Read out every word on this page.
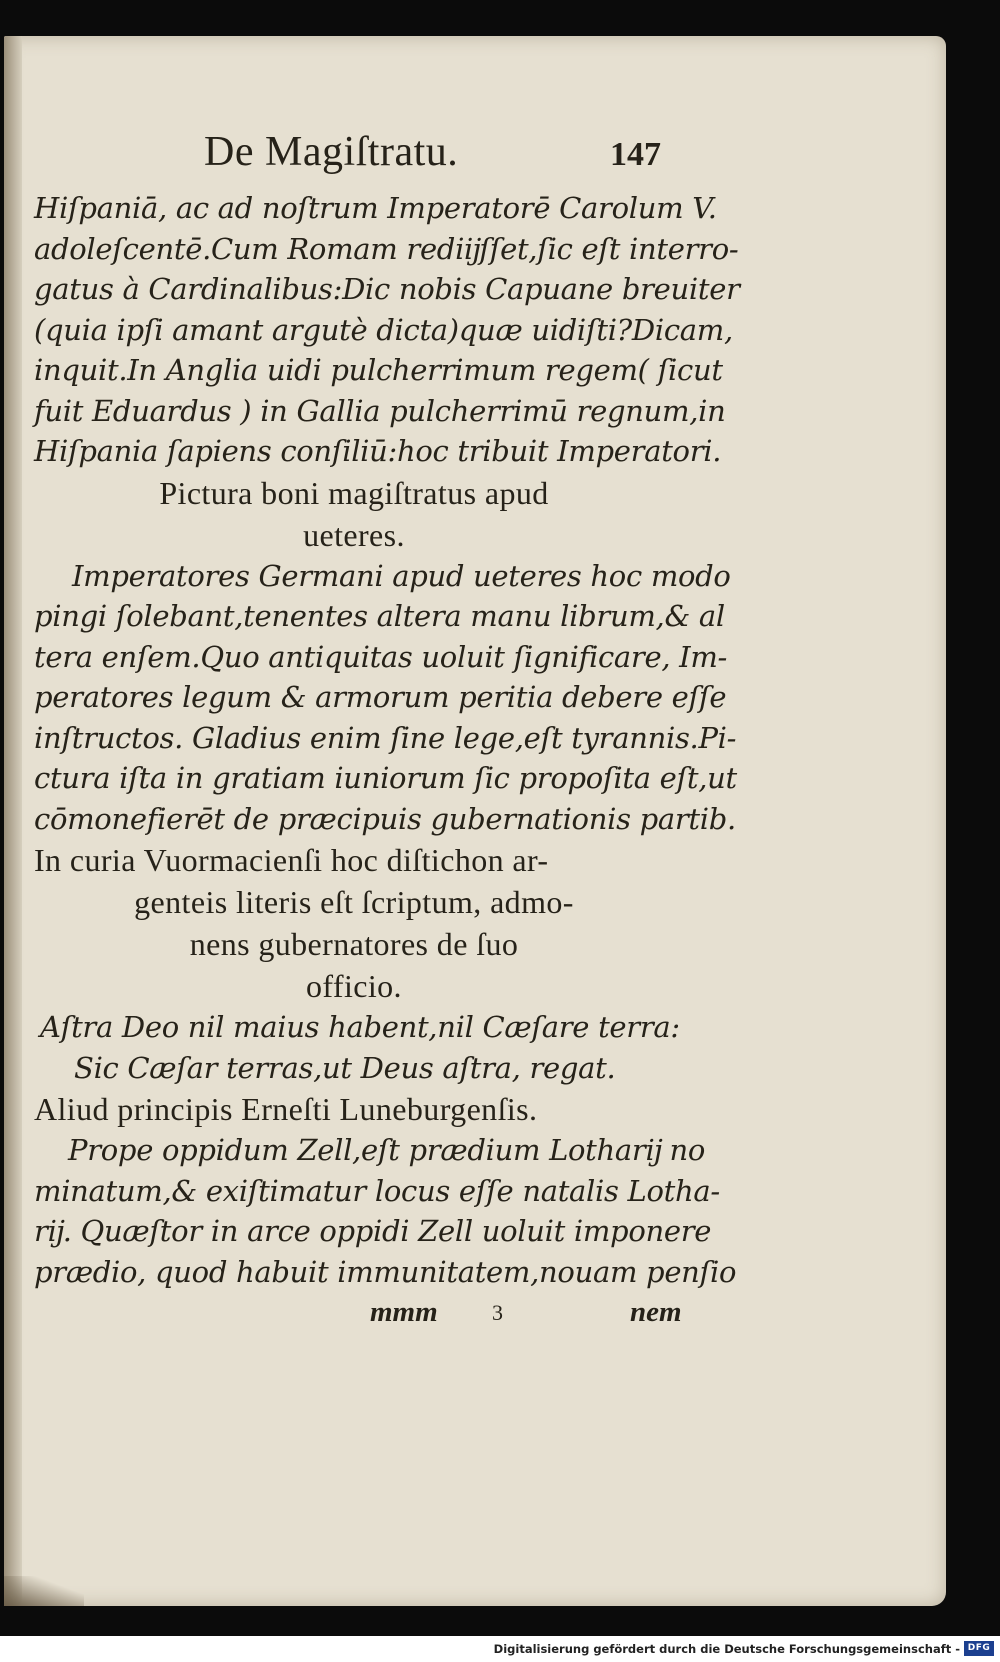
De Magiſtratu.	147
Hiſpaniā, ac ad noſtrum Imperatorē Carolum V.
adoleſcentē.Cum Romam rediĳſſet,ſic eſt interro-
gatus à Cardinalibus:Dic nobis Capuane breuiter
(quia ipſi amant argutè dicta)quæ uidiſti?Dicam,
inquit.In Anglia uidi pulcherrimum regem( ſicut
fuit Eduardus ) in Gallia pulcherrimū regnum,in
Hiſpania ſapiens conſiliū:hoc tribuit Imperatori.
Pictura boni magiſtratus apud
ueteres.
Imperatores Germani apud ueteres hoc modo
pingi ſolebant,tenentes altera manu librum,& al
tera enſem.Quo antiquitas uoluit ſignificare, Im-
peratores legum & armorum peritia debere eſſe
inſtructos. Gladius enim ſine lege,eſt tyrannis.Pi-
ctura iſta in gratiam iuniorum ſic propoſita eſt,ut
cōmonefierēt de præcipuis gubernationis partib.
In curia Vuormacienſi hoc diſtichon ar-
genteis literis eſt ſcriptum, admo-
nens gubernatores de ſuo
officio.
Aſtra Deo nil maius habent,nil Cæſare terra:
Sic Cæſar terras,ut Deus aſtra, regat.
Aliud principis Erneſti Luneburgenſis.
Prope oppidum Zell,eſt prædium Lotharĳ no
minatum,& exiſtimatur locus eſſe natalis Lotha-
rĳ. Quæſtor in arce oppidi Zell uoluit imponere
prædio, quod habuit immunitatem,nouam penſio
mmm 3	nem
Digitalisierung gefördert durch die Deutsche Forschungsgemeinschaft - DFG
